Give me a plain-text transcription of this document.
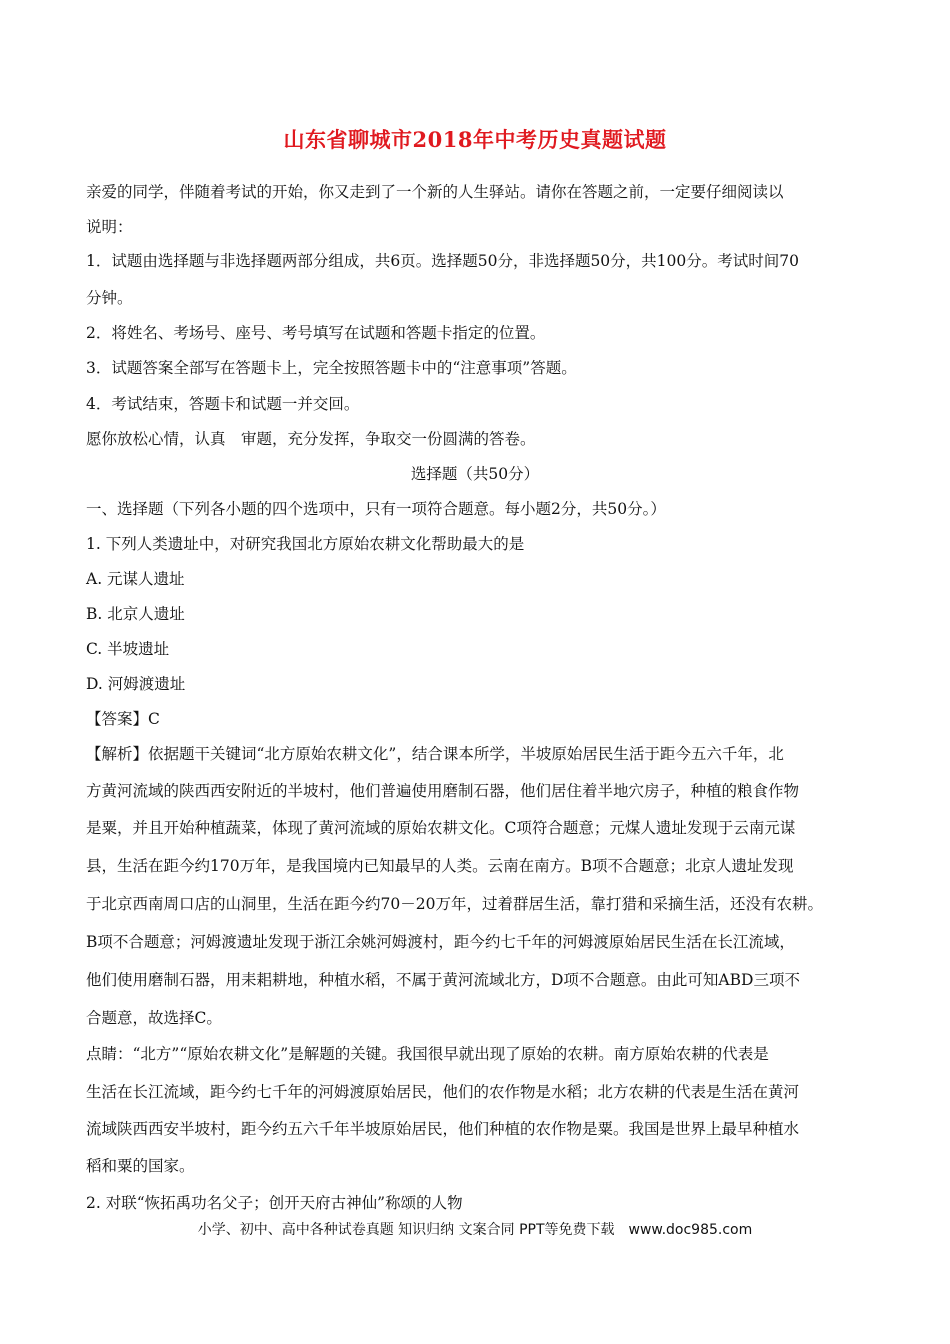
山东省聊城市2018年中考历史真题试题
亲爱的同学，伴随着考试的开始，你又走到了一个新的人生驿站。请你在答题之前，一定要仔细阅读以
说明：
1．试题由选择题与非选择题两部分组成，共6页。选择题50分，非选择题50分，共100分。考试时间70
分钟。
2．将姓名、考场号、座号、考号填写在试题和答题卡指定的位置。
3．试题答案全部写在答题卡上，完全按照答题卡中的“注意事项”答题。
4．考试结束，答题卡和试题一并交回。
愿你放松心情，认真　审题，充分发挥，争取交一份圆满的答卷。
选择题（共50分）
一、选择题（下列各小题的四个选项中，只有一项符合题意。每小题2分，共50分。）
1. 下列人类遗址中，对研究我国北方原始农耕文化帮助最大的是
A. 元谋人遗址
B. 北京人遗址
C. 半坡遗址
D. 河姆渡遗址
【答案】C
【解析】依据题干关键词“北方原始农耕文化”，结合课本所学，半坡原始居民生活于距今五六千年，北
方黄河流域的陕西西安附近的半坡村，他们普遍使用磨制石器，他们居住着半地穴房子，种植的粮食作物
是粟，并且开始种植蔬菜，体现了黄河流域的原始农耕文化。C项符合题意；元煤人遗址发现于云南元谋
县，生活在距今约170万年，是我国境内已知最早的人类。云南在南方。B项不合题意；北京人遗址发现
于北京西南周口店的山洞里，生活在距今约70－20万年，过着群居生活，靠打猎和采摘生活，还没有农耕。
B项不合题意；河姆渡遗址发现于浙江余姚河姆渡村，距今约七千年的河姆渡原始居民生活在长江流域，
他们使用磨制石器，用耒耜耕地，种植水稻，不属于黄河流域北方，D项不合题意。由此可知ABD三项不
合题意，故选择C。
点睛：“北方”“原始农耕文化”是解题的关键。我国很早就出现了原始的农耕。南方原始农耕的代表是
生活在长江流域，距今约七千年的河姆渡原始居民，他们的农作物是水稻；北方农耕的代表是生活在黄河
流域陕西西安半坡村，距今约五六千年半坡原始居民，他们种植的农作物是粟。我国是世界上最早种植水
稻和粟的国家。
2. 对联“恢拓禹功名父子；创开天府古神仙”称颂的人物
小学、初中、高中各种试卷真题 知识归纳 文案合同 PPT等免费下载　www.doc985.com
